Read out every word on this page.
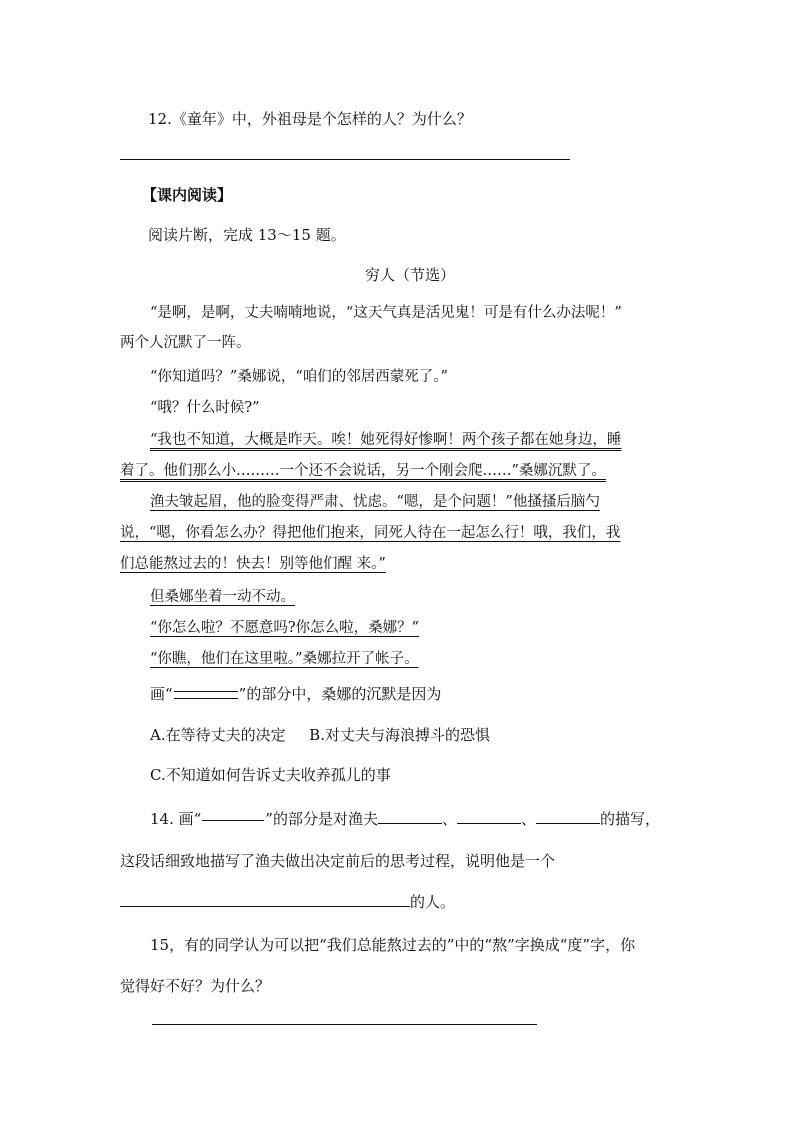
12.《童年》中，外祖母是个怎样的人？为什么？
【课内阅读】
阅读片断，完成 13～15 题。
穷人（节选）
“是啊，是啊，丈夫喃喃地说，“这天气真是活见鬼！可是有什么办法呢！”
两个人沉默了一阵。
“你知道吗？”桑娜说，“咱们的邻居西蒙死了。”
“哦？什么时候?”
“我也不知道，大概是昨天。唉！她死得好惨啊！两个孩子都在她身边，睡
着了。他们那么小………一个还不会说话，另一个刚会爬……”桑娜沉默了。
渔夫皱起眉，他的脸变得严肃、忧虑。“嗯，是个问题！”他搔搔后脑勺
说，“嗯，你看怎么办？得把他们抱来，同死人待在一起怎么行！哦，我们，我
们总能熬过去的！快去！别等他们醒 来。”
但桑娜坐着一动不动。
“你怎么啦？不愿意吗?你怎么啦，桑娜？”
“你瞧，他们在这里啦。”桑娜拉开了帐子。
画“	”的部分中，桑娜的沉默是因为
A.在等待丈夫的决定 B.对丈夫与海浪搏斗的恐惧
C.不知道如何告诉丈夫收养孤儿的事
14. 画“	”的部分是对渔夫	、	、	的描写，
这段话细致地描写了渔夫做出决定前后的思考过程，说明他是一个
的人。
15，有的同学认为可以把“我们总能熬过去的”中的“熬”字换成“度”字，你
觉得好不好？为什么？
